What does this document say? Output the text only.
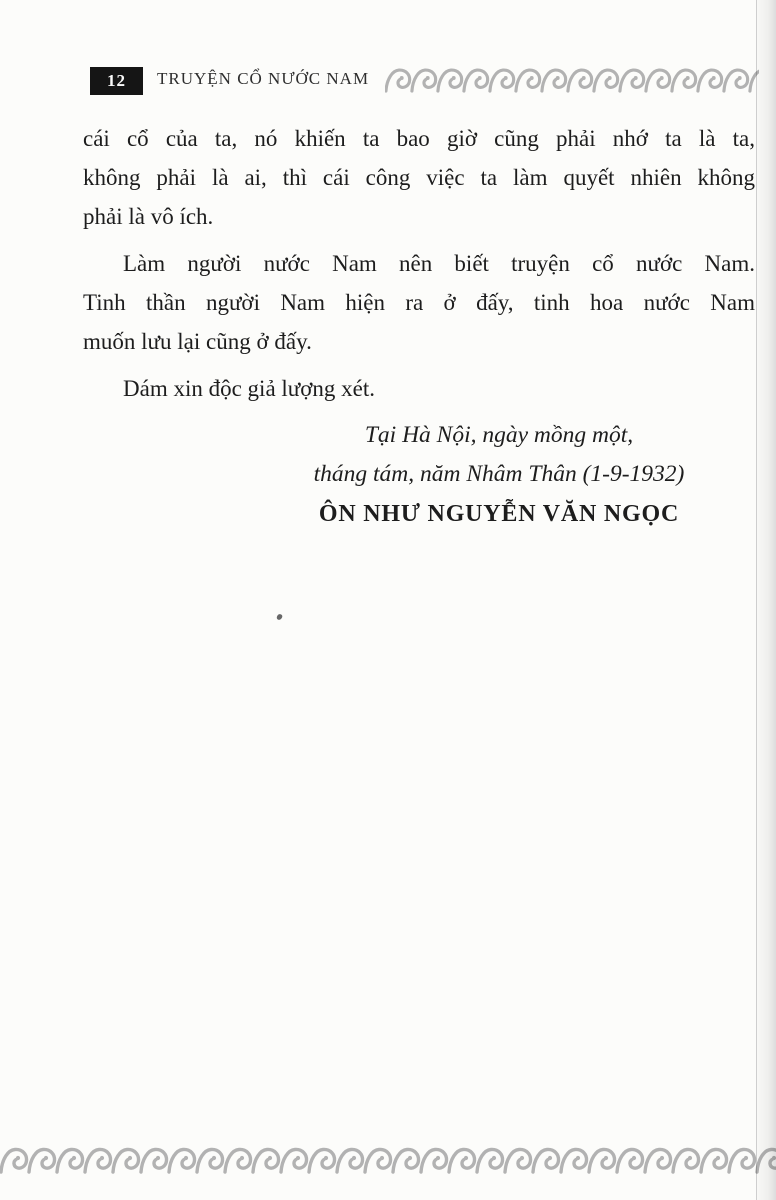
12	TRUYỆN CỔ NƯỚC NAM
cái cổ của ta, nó khiến ta bao giờ cũng phải nhớ ta là ta,
không phải là ai, thì cái công việc ta làm quyết nhiên không
phải là vô ích.
Làm người nước Nam nên biết truyện cổ nước Nam.
Tinh thần người Nam hiện ra ở đấy, tinh hoa nước Nam
muốn lưu lại cũng ở đấy.
Dám xin độc giả lượng xét.
Tại Hà Nội, ngày mồng một,
tháng tám, năm Nhâm Thân (1-9-1932)
ÔN NHƯ NGUYỄN VĂN NGỌC
